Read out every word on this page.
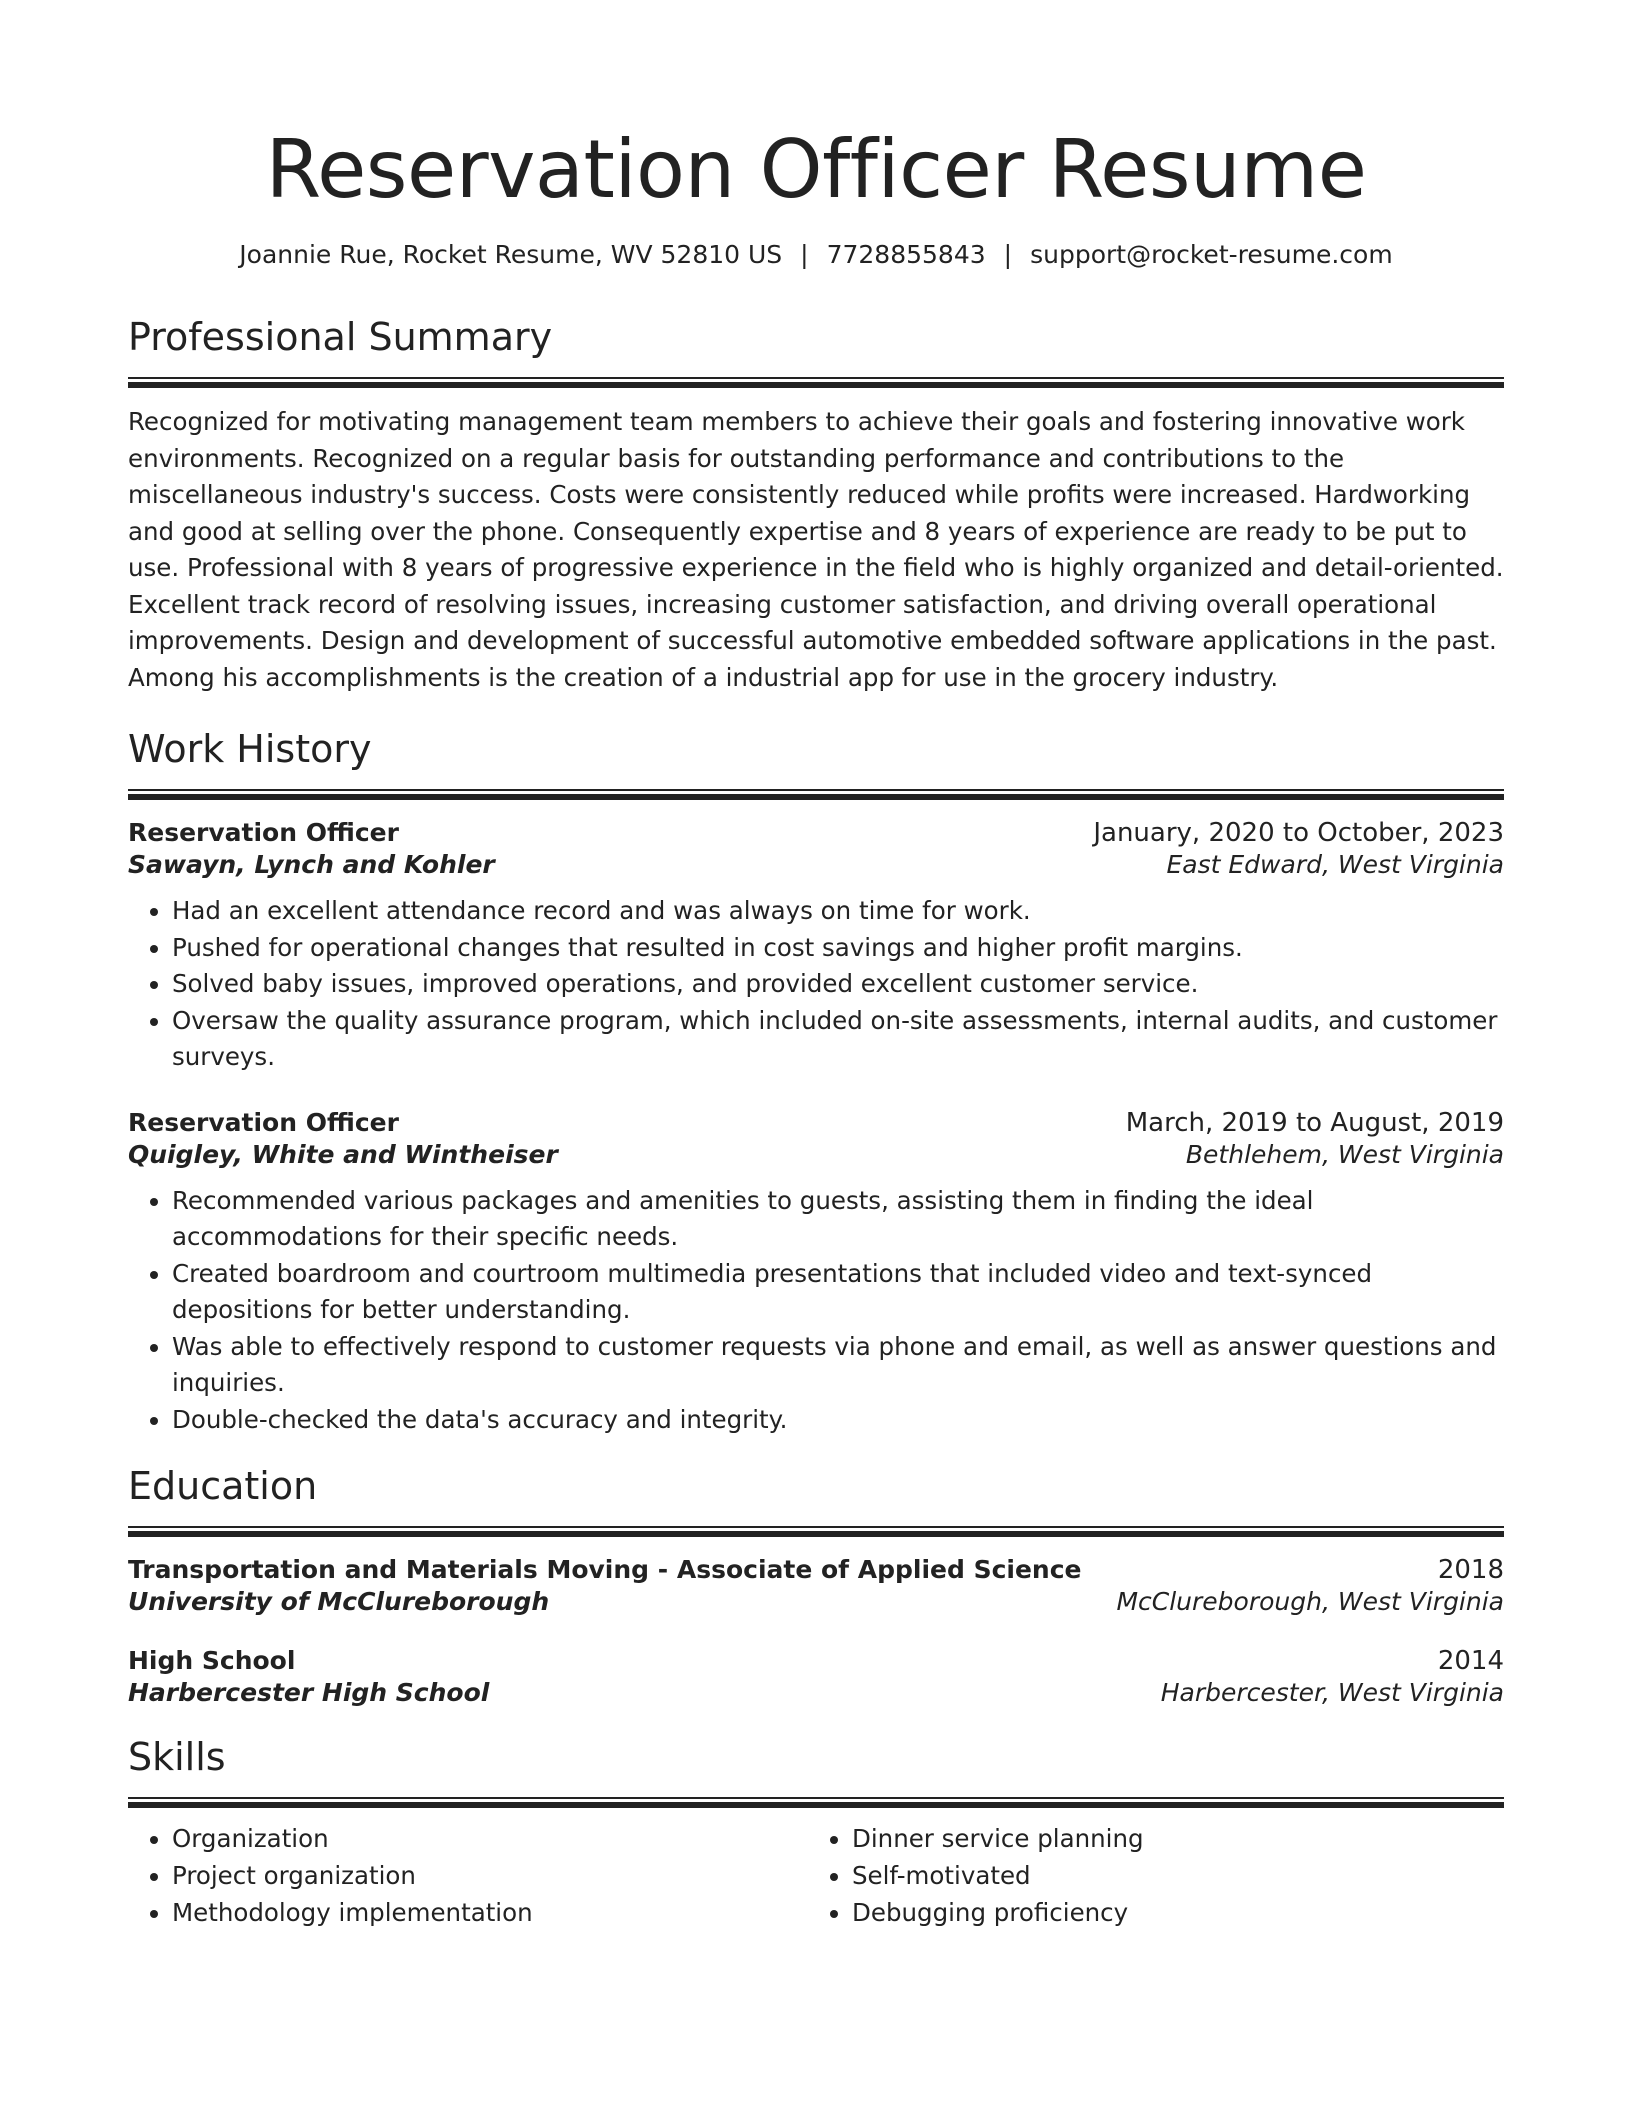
Reservation Officer Resume
Joannie Rue, Rocket Resume, WV 52810 US | 7728855843 | support@rocket-resume.com
Professional Summary
Recognized for motivating management team members to achieve their goals and fostering innovative work environments. Recognized on a regular basis for outstanding performance and contributions to the miscellaneous industry's success. Costs were consistently reduced while profits were increased. Hardworking and good at selling over the phone. Consequently expertise and 8 years of experience are ready to be put to use. Professional with 8 years of progressive experience in the field who is highly organized and detail-oriented. Excellent track record of resolving issues, increasing customer satisfaction, and driving overall operational improvements. Design and development of successful automotive embedded software applications in the past. Among his accomplishments is the creation of a industrial app for use in the grocery industry.
Work History
Reservation Officer	January, 2020 to October, 2023
Sawayn, Lynch and Kohler	East Edward, West Virginia
• Had an excellent attendance record and was always on time for work.
• Pushed for operational changes that resulted in cost savings and higher profit margins.
• Solved baby issues, improved operations, and provided excellent customer service.
• Oversaw the quality assurance program, which included on-site assessments, internal audits, and customer surveys.
Reservation Officer	March, 2019 to August, 2019
Quigley, White and Wintheiser	Bethlehem, West Virginia
• Recommended various packages and amenities to guests, assisting them in finding the ideal accommodations for their specific needs.
• Created boardroom and courtroom multimedia presentations that included video and text-synced depositions for better understanding.
• Was able to effectively respond to customer requests via phone and email, as well as answer questions and inquiries.
• Double-checked the data's accuracy and integrity.
Education
Transportation and Materials Moving - Associate of Applied Science	2018
University of McClureborough	McClureborough, West Virginia
High School	2014
Harbercester High School	Harbercester, West Virginia
Skills
• Organization
• Project organization
• Methodology implementation
• Dinner service planning
• Self-motivated
• Debugging proficiency
